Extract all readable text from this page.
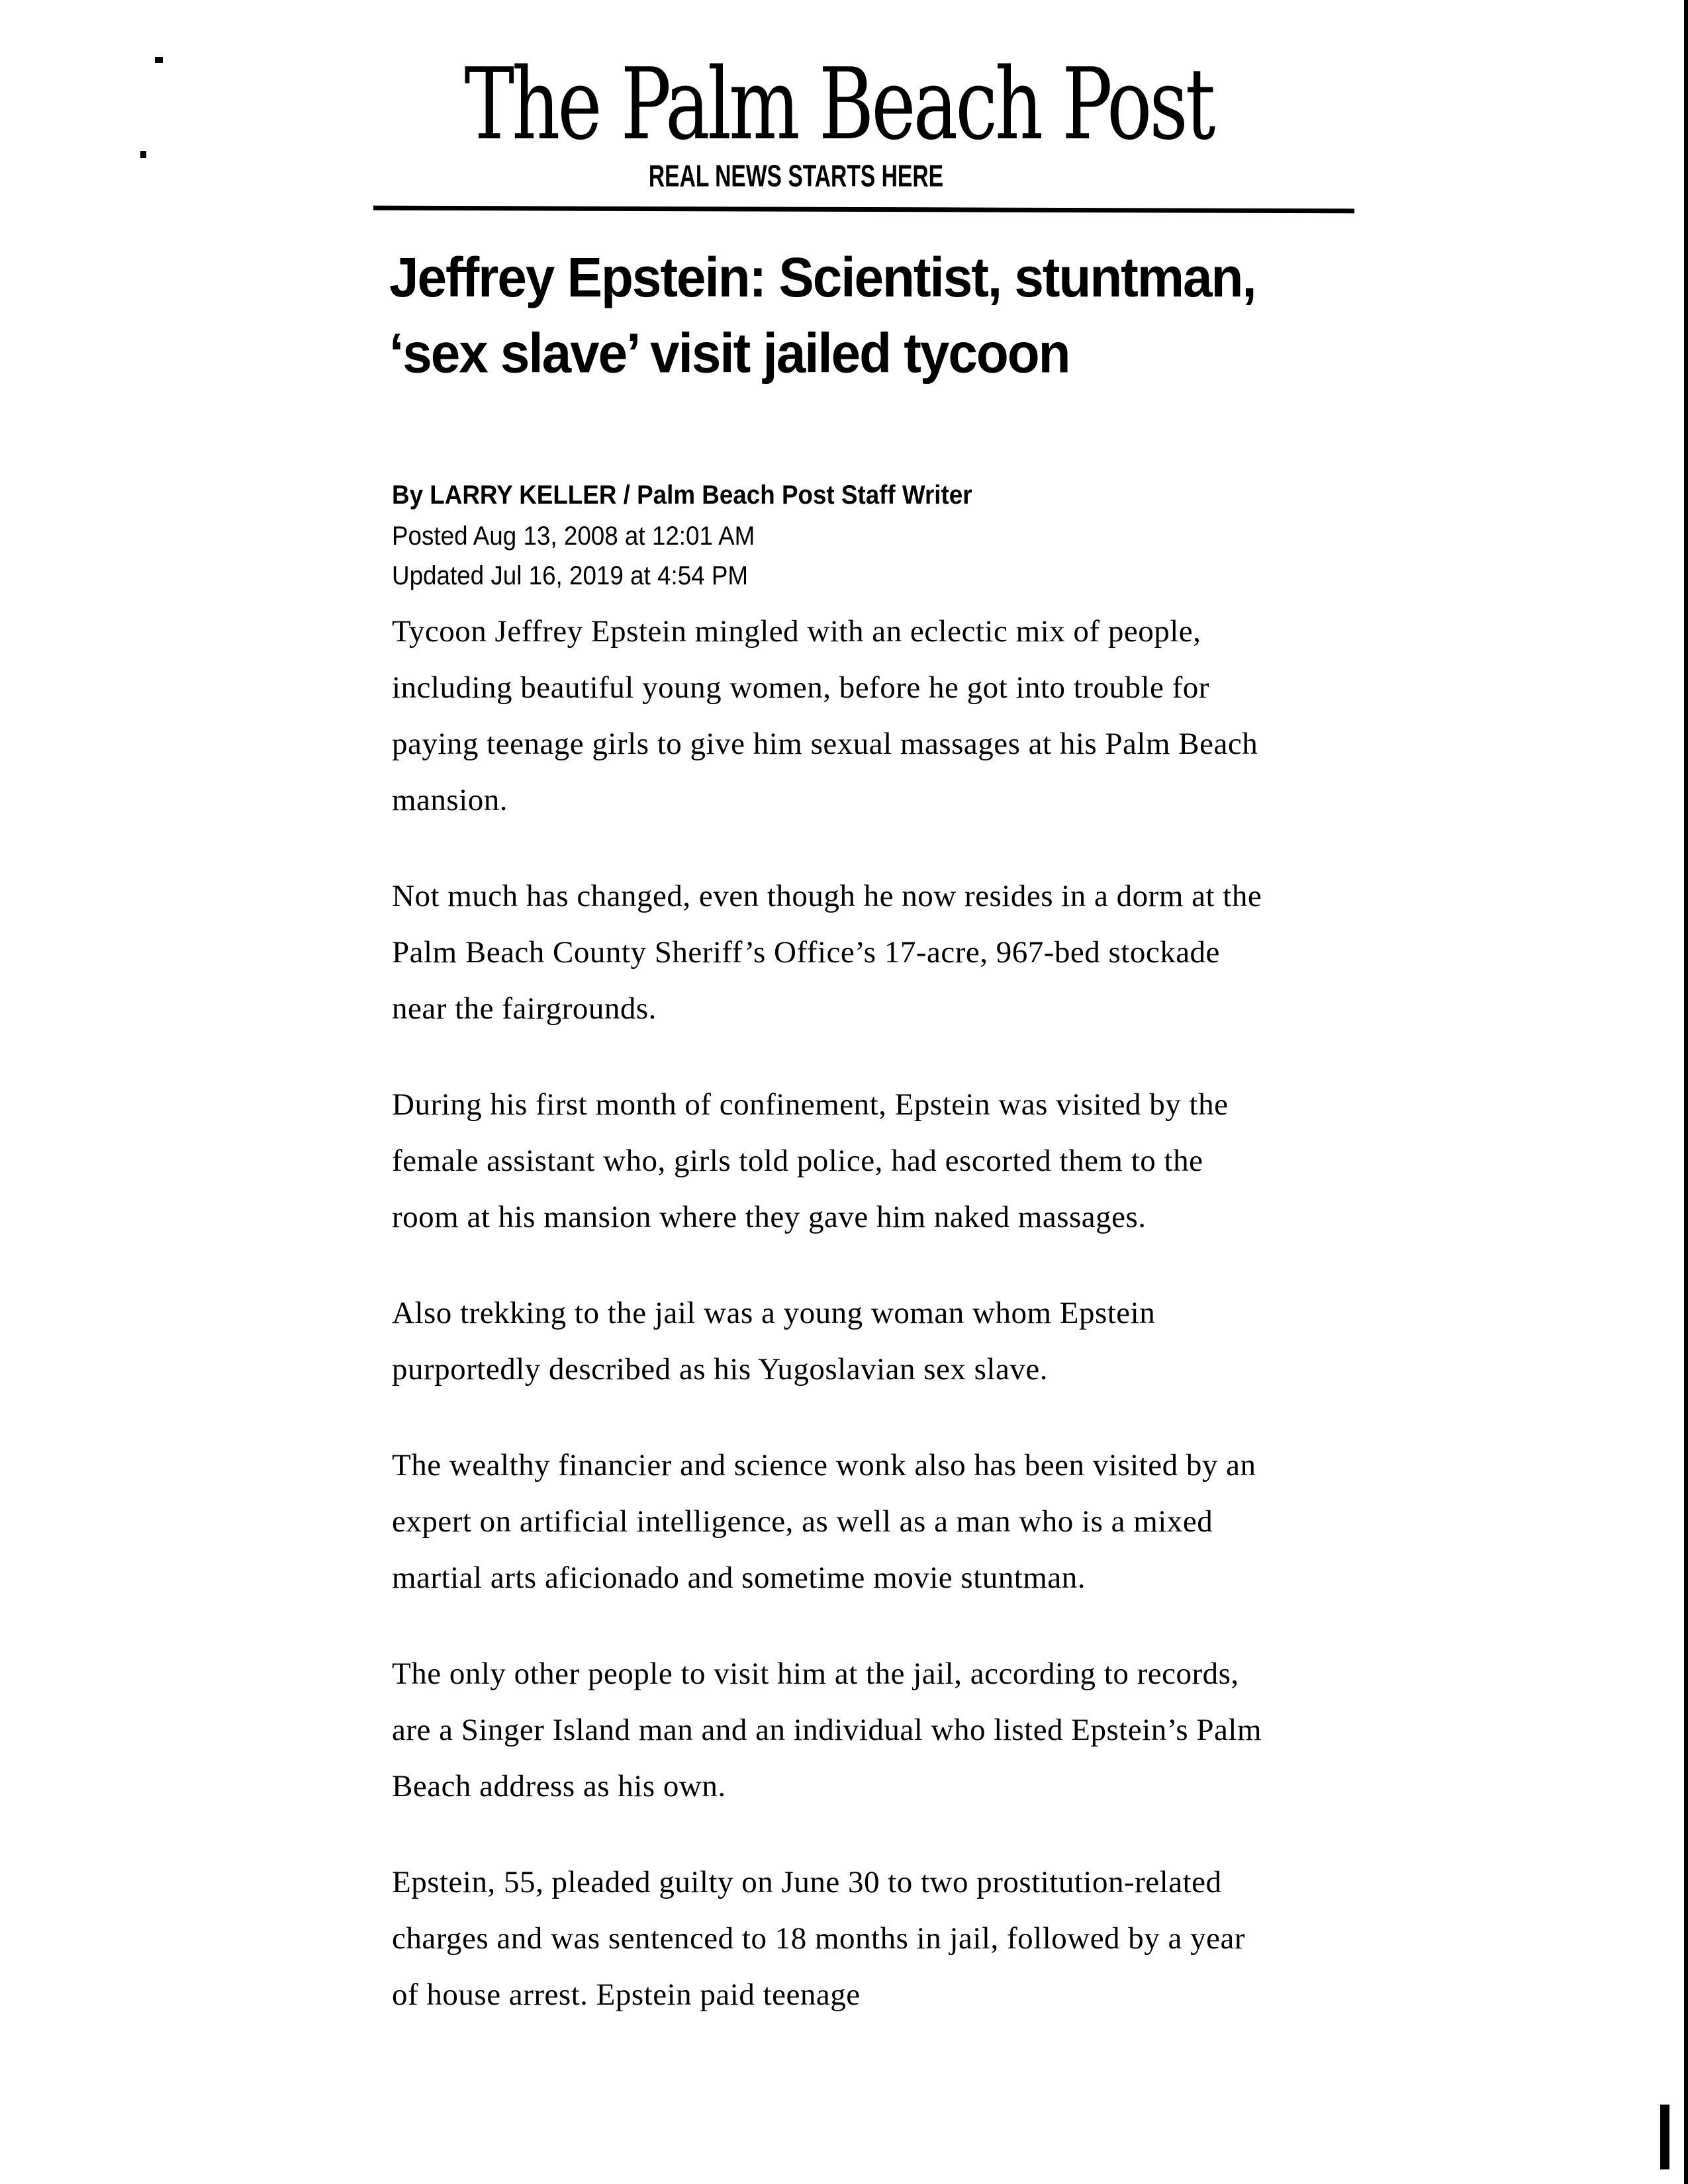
The Palm Beach Post
REAL NEWS STARTS HERE
Jeffrey Epstein: Scientist, stuntman, ‘sex slave’ visit jailed tycoon
By LARRY KELLER / Palm Beach Post Staff Writer
Posted Aug 13, 2008 at 12:01 AM
Updated Jul 16, 2019 at 4:54 PM

Tycoon Jeffrey Epstein mingled with an eclectic mix of people, including beautiful young women, before he got into trouble for paying teenage girls to give him sexual massages at his Palm Beach mansion.

Not much has changed, even though he now resides in a dorm at the Palm Beach County Sheriff’s Office’s 17-acre, 967-bed stockade near the fairgrounds.

During his first month of confinement, Epstein was visited by the female assistant who, girls told police, had escorted them to the room at his mansion where they gave him naked massages.

Also trekking to the jail was a young woman whom Epstein purportedly described as his Yugoslavian sex slave.

The wealthy financier and science wonk also has been visited by an expert on artificial intelligence, as well as a man who is a mixed martial arts aficionado and sometime movie stuntman.

The only other people to visit him at the jail, according to records, are a Singer Island man and an individual who listed Epstein’s Palm Beach address as his own.

Epstein, 55, pleaded guilty on June 30 to two prostitution-related charges and was sentenced to 18 months in jail, followed by a year of house arrest. Epstein paid teenage
